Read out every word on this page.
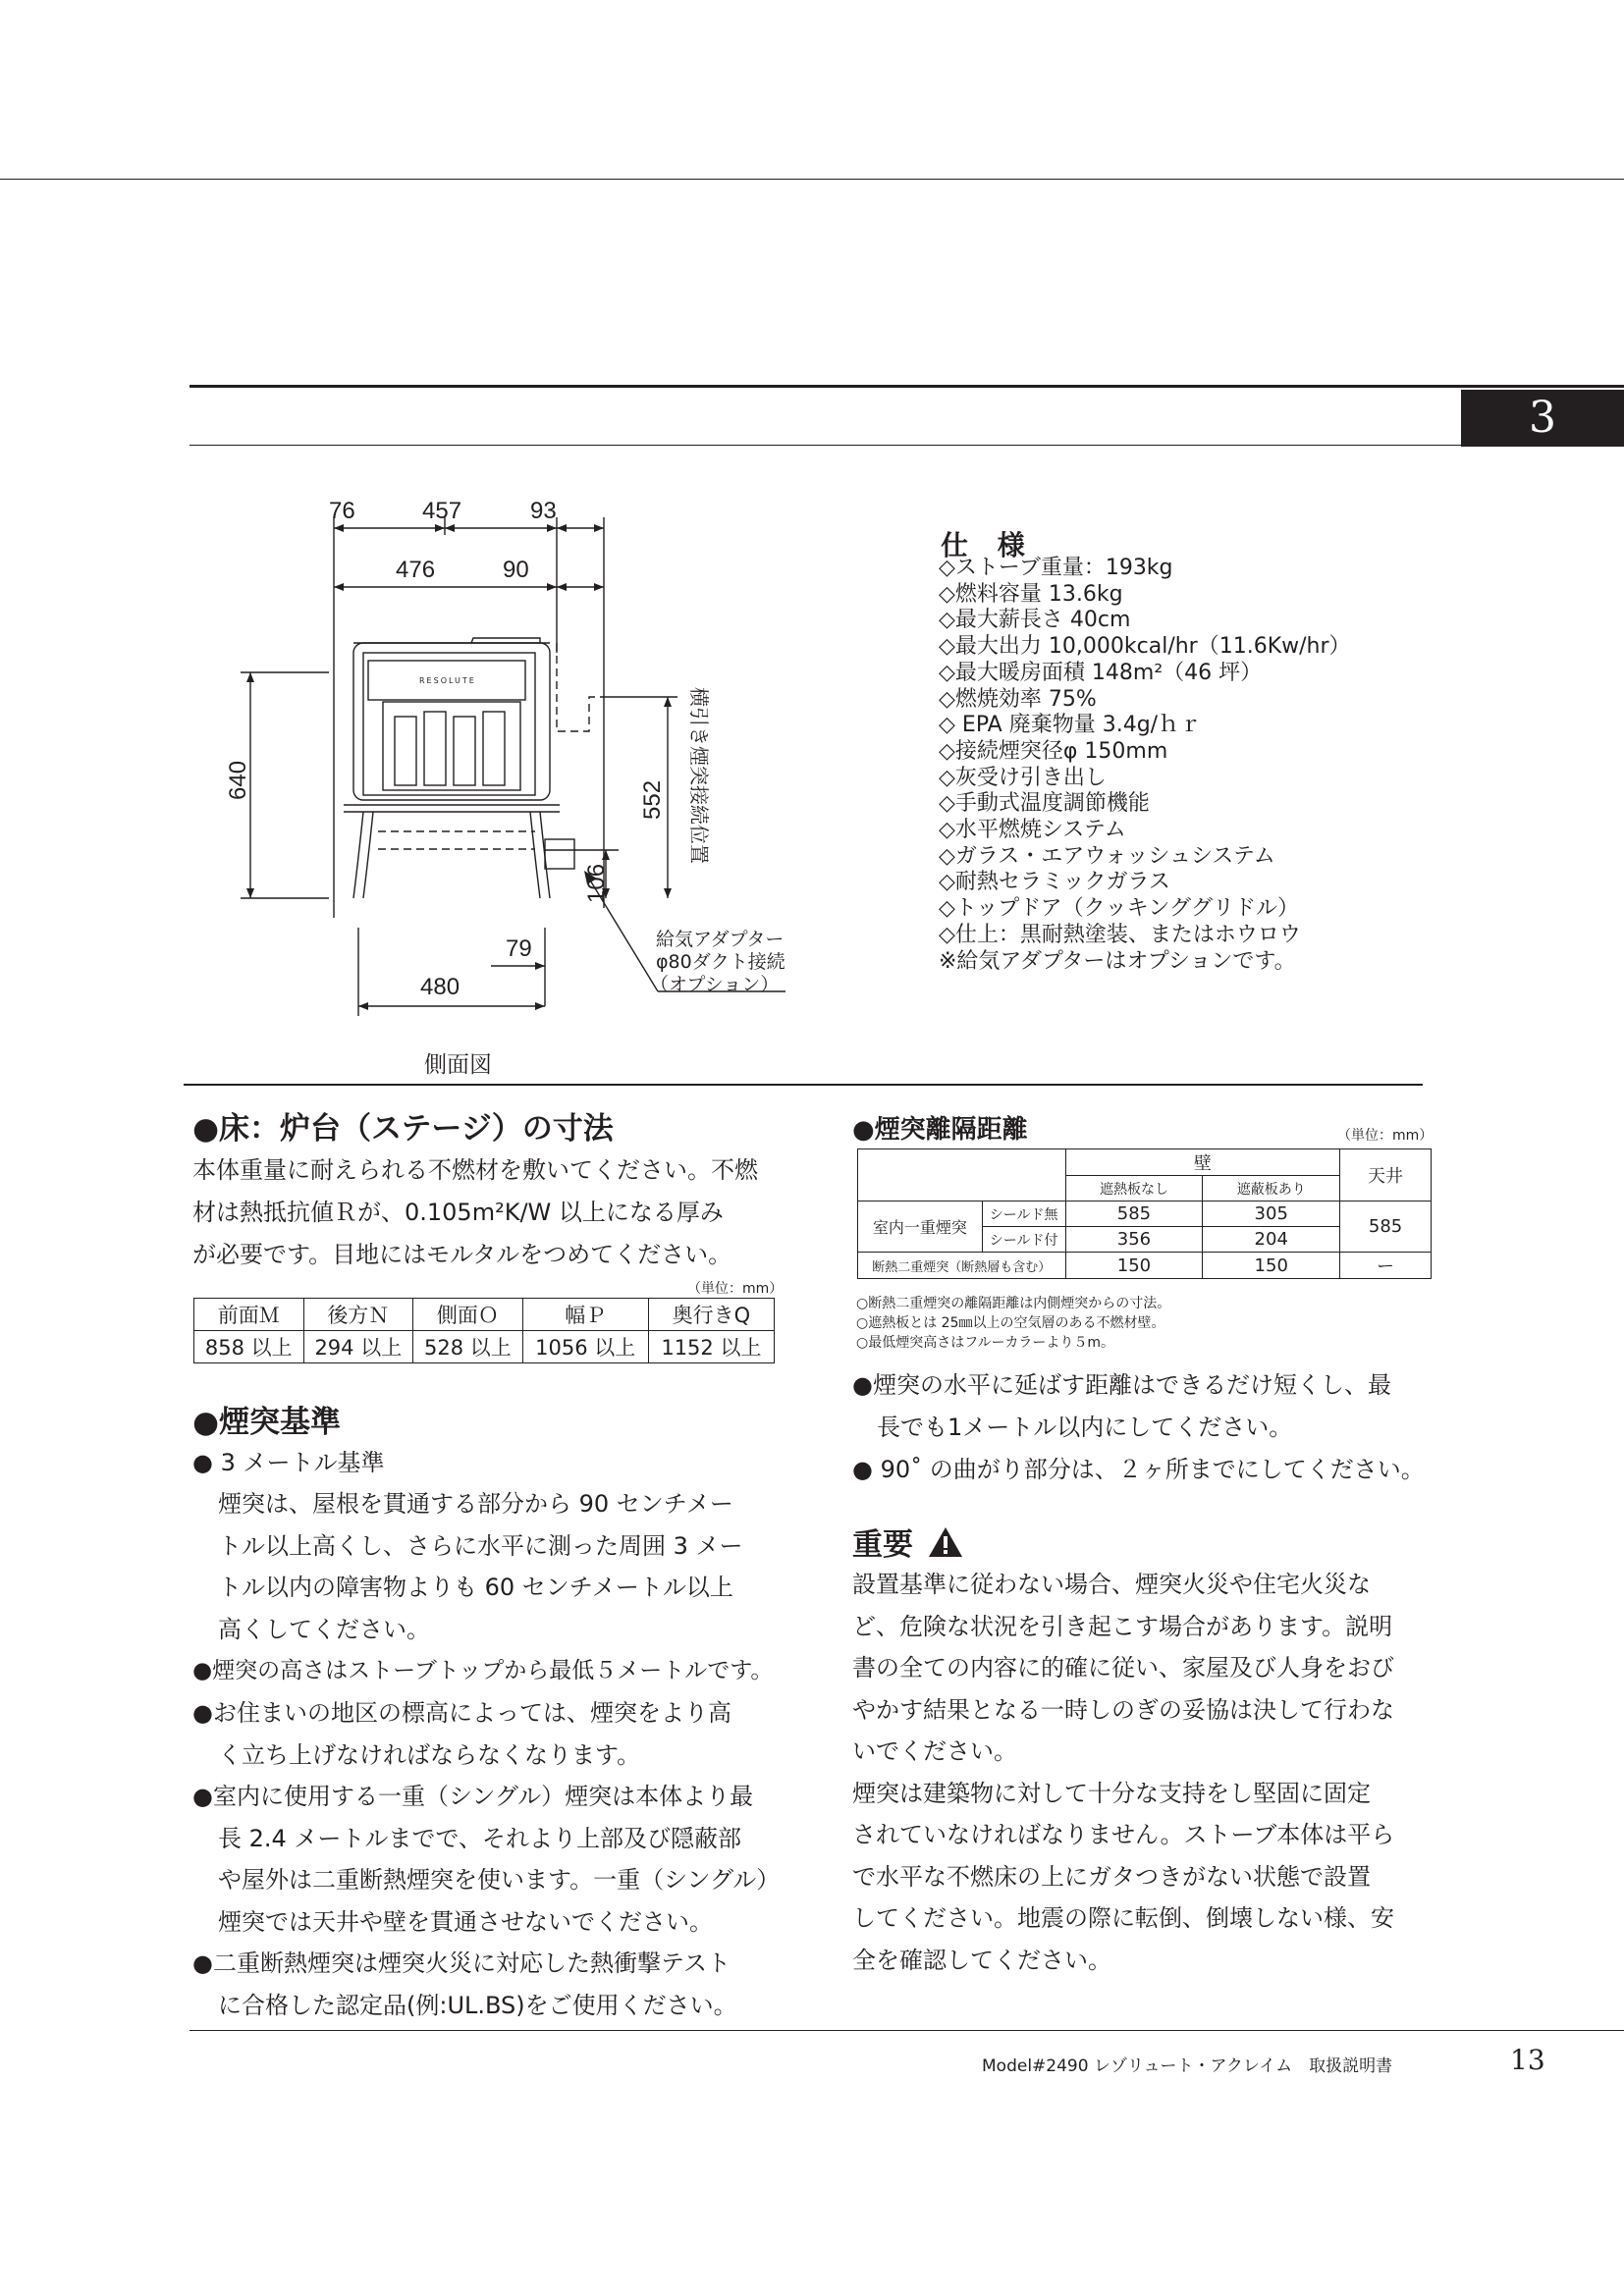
3
76	457	93
476	90
640	552
106
79
480
横引き煙突接続位置
RESOLUTE
給気アダプター
φ80ダクト接続
（オプション）
側面図
仕 様
◇ストーブ重量：193kg
◇燃料容量 13.6kg
◇最大薪長さ 40cm
◇最大出力 10,000kcal/hr（11.6Kw/hr）
◇最大暖房面積 148m²（46 坪）
◇燃焼効率 75%
◇ EPA 廃棄物量 3.4g/ｈｒ
◇接続煙突径φ 150mm
◇灰受け引き出し
◇手動式温度調節機能
◇水平燃焼システム
◇ガラス・エアウォッシュシステム
◇耐熱セラミックガラス
◇トップドア（クッキンググリドル）
◇仕上：黒耐熱塗装、またはホウロウ
※給気アダプターはオプションです。
●床：炉台（ステージ）の寸法
本体重量に耐えられる不燃材を敷いてください。不燃
材は熱抵抗値Ｒが、0.105m²K/W 以上になる厚み
が必要です。目地にはモルタルをつめてください。
（単位：mm）
前面Ｍ	後方Ｎ	側面Ｏ	幅Ｐ	奥行きQ
858 以上	294 以上	528 以上	1056 以上	1152 以上
●煙突基準
● 3 メートル基準
煙突は、屋根を貫通する部分から 90 センチメー
トル以上高くし、さらに水平に測った周囲 3 メー
トル以内の障害物よりも 60 センチメートル以上
高くしてください。
●煙突の高さはストーブトップから最低５メートルです。
●お住まいの地区の標高によっては、煙突をより高
く立ち上げなければならなくなります。
●室内に使用する一重（シングル）煙突は本体より最
長 2.4 メートルまでで、それより上部及び隠蔽部
や屋外は二重断熱煙突を使います。一重（シングル）
煙突では天井や壁を貫通させないでください。
●二重断熱煙突は煙突火災に対応した熱衝撃テスト
に合格した認定品(例:UL.BS)をご使用ください。
●煙突離隔距離	（単位：mm）
		壁		天井
		遮熱板なし	遮蔽板あり	
室内一重煙突	シールド無	585	305	585
	シールド付	356	204	
断熱二重煙突（断熱層も含む）		150	150	ー
○断熱二重煙突の離隔距離は内側煙突からの寸法。
○遮熱板とは 25㎜以上の空気層のある不燃材壁。
○最低煙突高さはフルーカラーより５m。
●煙突の水平に延ばす距離はできるだけ短くし、最
長でも1メートル以内にしてください。
● 90˚ の曲がり部分は、２ヶ所までにしてください。
重要
設置基準に従わない場合、煙突火災や住宅火災な
ど、危険な状況を引き起こす場合があります。説明
書の全ての内容に的確に従い、家屋及び人身をおび
やかす結果となる一時しのぎの妥協は決して行わな
いでください。
煙突は建築物に対して十分な支持をし堅固に固定
されていなければなりません。ストーブ本体は平ら
で水平な不燃床の上にガタつきがない状態で設置
してください。地震の際に転倒、倒壊しない様、安
全を確認してください。
Model#2490 レゾリュート・アクレイム　取扱説明書	13
